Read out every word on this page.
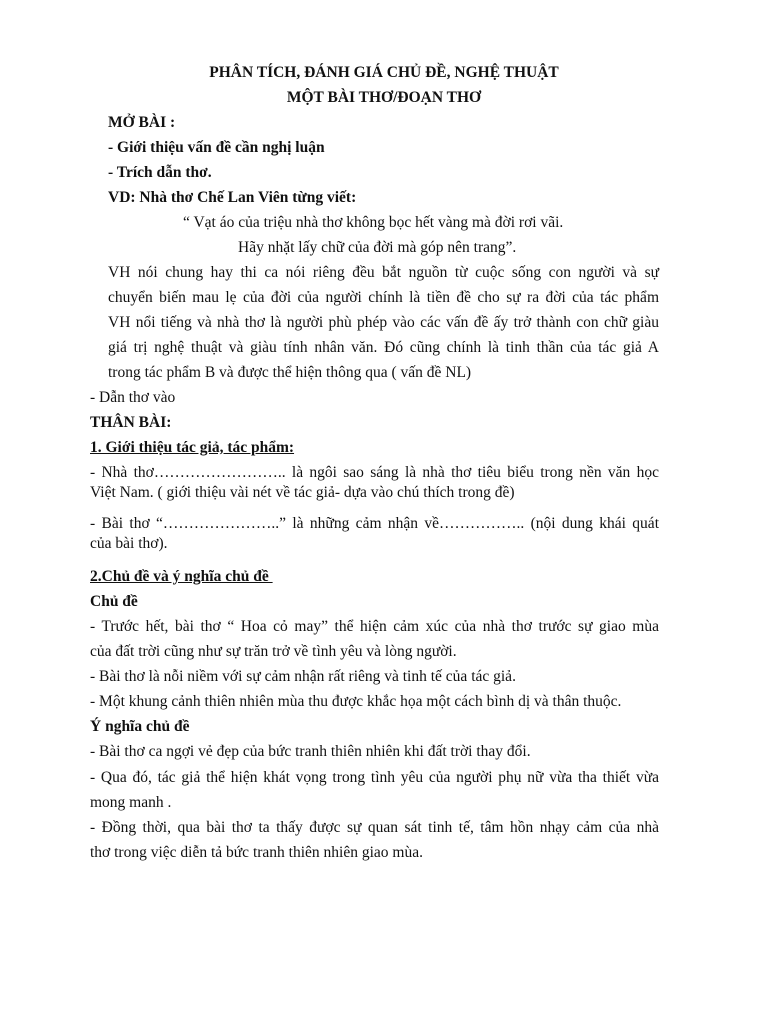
PHÂN TÍCH, ĐÁNH GIÁ CHỦ ĐỀ, NGHỆ THUẬT
MỘT BÀI THƠ/ĐOẠN THƠ
MỞ BÀI :
- Giới thiệu vấn đề cần nghị luận
- Trích dẫn thơ.
VD: Nhà thơ Chế Lan Viên từng viết:
“ Vạt áo của triệu nhà thơ không bọc hết vàng mà đời rơi vãi.
Hãy nhặt lấy chữ của đời mà góp nên trang”.
VH nói chung hay thi ca nói riêng đều bắt nguồn từ cuộc sống con người và sự
chuyển biến mau lẹ của đời của người chính là tiền đề cho sự ra đời của tác phẩm
VH nổi tiếng và nhà thơ là người phù phép vào các vấn đề ấy trở thành con chữ giàu
giá trị nghệ thuật và giàu tính nhân văn. Đó cũng chính là tinh thần của tác giả A
trong tác phẩm B và được thể hiện thông qua ( vấn đề NL)
- Dẫn thơ vào
THÂN BÀI:
1. Giới thiệu tác giả, tác phẩm:
- Nhà thơ…………………….. là ngôi sao sáng là nhà thơ tiêu biểu trong nền văn học
Việt Nam. ( giới thiệu vài nét về tác giả- dựa vào chú thích trong đề)
- Bài thơ “…………………..” là những cảm nhận về…………….. (nội dung khái quát
của bài thơ).
2.Chủ đề và ý nghĩa chủ đề
Chủ đề
- Trước hết, bài thơ “ Hoa cỏ may” thể hiện cảm xúc của nhà thơ trước sự giao mùa
của đất trời cũng như sự trăn trở về tình yêu và lòng người.
- Bài thơ là nỗi niềm với sự cảm nhận rất riêng và tinh tế của tác giả.
- Một khung cảnh thiên nhiên mùa thu được khắc họa một cách bình dị và thân thuộc.
Ý nghĩa chủ đề
- Bài thơ ca ngợi vẻ đẹp của bức tranh thiên nhiên khi đất trời thay đổi.
- Qua đó, tác giả thể hiện khát vọng trong tình yêu của người phụ nữ vừa tha thiết vừa
mong manh .
- Đồng thời, qua bài thơ ta thấy được sự quan sát tinh tế, tâm hồn nhạy cảm của nhà
thơ trong việc diễn tả bức tranh thiên nhiên giao mùa.
